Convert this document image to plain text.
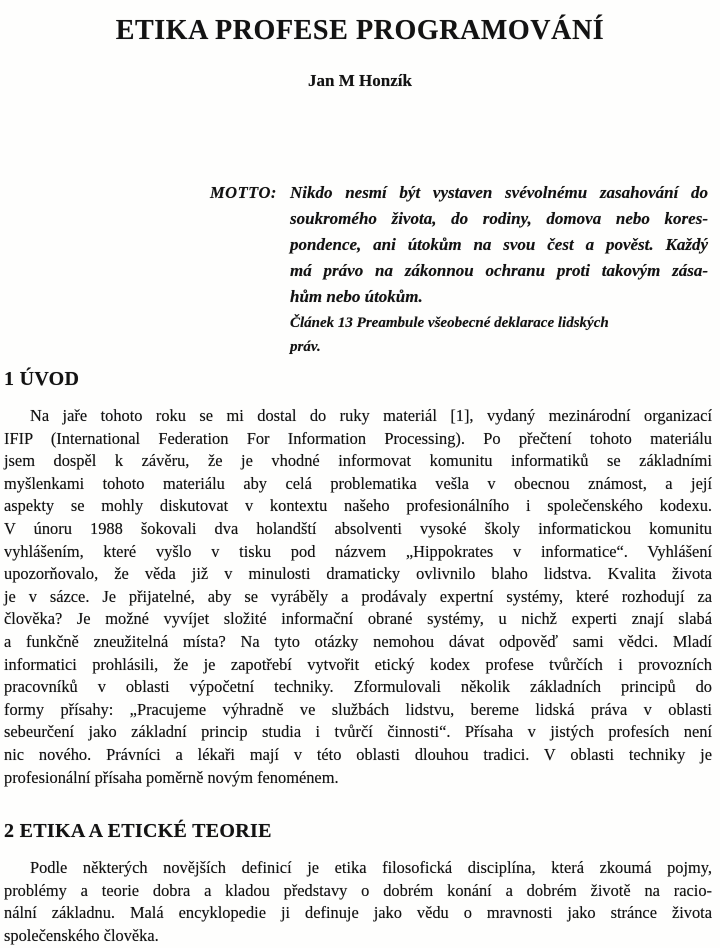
ETIKA PROFESE PROGRAMOVÁNÍ
Jan M Honzík
MOTTO: Nikdo nesmí být vystaven svévolnému zasahování do
soukromého života, do rodiny, domova nebo kores-
pondence, ani útokům na svou čest a pověst. Každý
má právo na zákonnou ochranu proti takovým zása-
hům nebo útokům.
Článek 13 Preambule všeobecné deklarace lidských
práv.
1 ÚVOD
Na jaře tohoto roku se mi dostal do ruky materiál [1], vydaný mezinárodní organizací
IFIP (International Federation For Information Processing). Po přečtení tohoto materiálu
jsem dospěl k závěru, že je vhodné informovat komunitu informatiků se základními
myšlenkami tohoto materiálu aby celá problematika vešla v obecnou známost, a její
aspekty se mohly diskutovat v kontextu našeho profesionálního i společenského kodexu.
V únoru 1988 šokovali dva holandští absolventi vysoké školy informatickou komunitu
vyhlášením, které vyšlo v tisku pod názvem „Hippokrates v informatice“. Vyhlášení
upozorňovalo, že věda již v minulosti dramaticky ovlivnilo blaho lidstva. Kvalita života
je v sázce. Je přijatelné, aby se vyráběly a prodávaly expertní systémy, které rozhodují za
člověka? Je možné vyvíjet složité informační obrané systémy, u nichž experti znají slabá
a funkčně zneužitelná místa? Na tyto otázky nemohou dávat odpověď sami vědci. Mladí
informatici prohlásili, že je zapotřebí vytvořit etický kodex profese tvůrčích i provozních
pracovníků v oblasti výpočetní techniky. Zformulovali několik základních principů do
formy přísahy: „Pracujeme výhradně ve službách lidstvu, bereme lidská práva v oblasti
sebeurčení jako základní princip studia i tvůrčí činnosti“. Přísaha v jistých profesích není
nic nového. Právníci a lékaři mají v této oblasti dlouhou tradici. V oblasti techniky je
profesionální přísaha poměrně novým fenoménem.
2 ETIKA A ETICKÉ TEORIE
Podle některých novějších definicí je etika filosofická disciplína, která zkoumá pojmy,
problémy a teorie dobra a kladou představy o dobrém konání a dobrém životě na racio-
nální základnu. Malá encyklopedie ji definuje jako vědu o mravnosti jako stránce života
společenského člověka.
